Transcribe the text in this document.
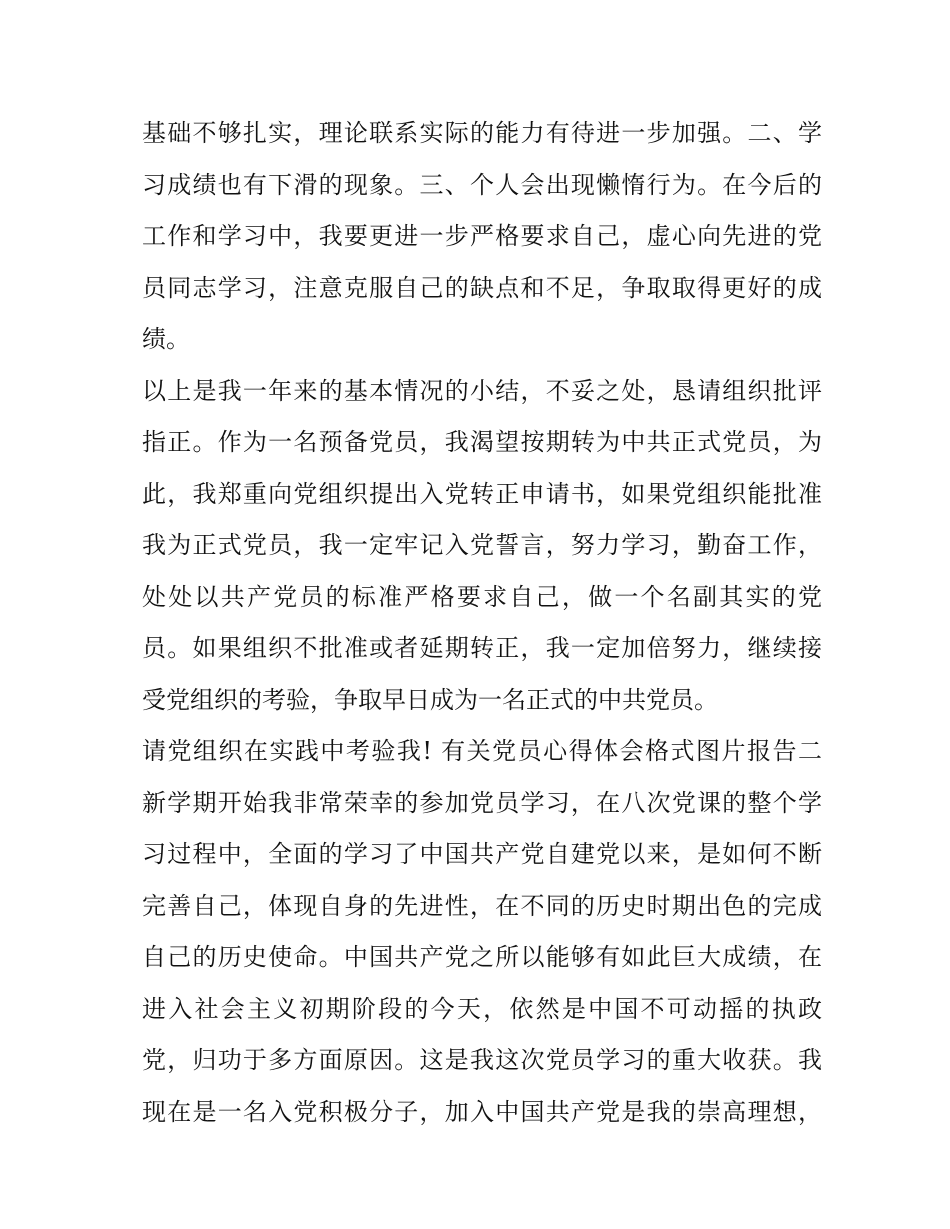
基础不够扎实，理论联系实际的能力有待进一步加强。二、学
习成绩也有下滑的现象。三、个人会出现懒惰行为。在今后的
工作和学习中，我要更进一步严格要求自己，虚心向先进的党
员同志学习，注意克服自己的缺点和不足，争取取得更好的成
绩。
以上是我一年来的基本情况的小结，不妥之处，恳请组织批评
指正。作为一名预备党员，我渴望按期转为中共正式党员，为
此，我郑重向党组织提出入党转正申请书，如果党组织能批准
我为正式党员，我一定牢记入党誓言，努力学习，勤奋工作，
处处以共产党员的标准严格要求自己，做一个名副其实的党
员。如果组织不批准或者延期转正，我一定加倍努力，继续接
受党组织的考验，争取早日成为一名正式的中共党员。
请党组织在实践中考验我! 有关党员心得体会格式图片报告二
新学期开始我非常荣幸的参加党员学习，在八次党课的整个学
习过程中，全面的学习了中国共产党自建党以来，是如何不断
完善自己，体现自身的先进性，在不同的历史时期出色的完成
自己的历史使命。中国共产党之所以能够有如此巨大成绩，在
进入社会主义初期阶段的今天，依然是中国不可动摇的执政
党，归功于多方面原因。这是我这次党员学习的重大收获。我
现在是一名入党积极分子，加入中国共产党是我的崇高理想，
